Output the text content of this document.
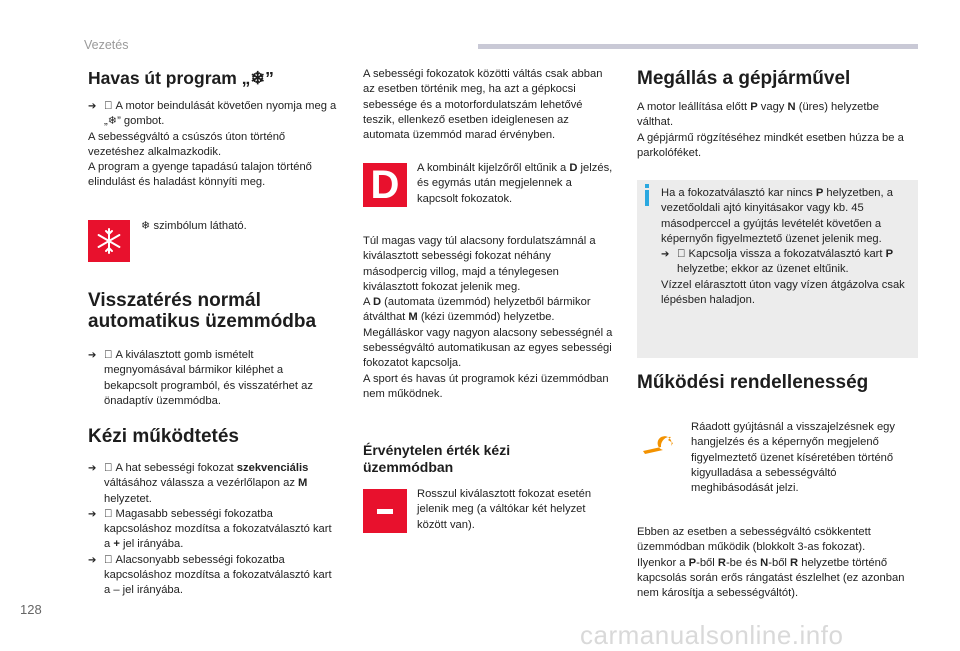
Vezetés
Havas út program „❄”

➔ A motor beindulását követően nyomja meg a „❄” gombot.

A sebességváltó a csúszós úton történő vezetéshez alkalmazkodik.

A program a gyenge tapadású talajon történő elindulást és haladást könnyíti meg.

❄ szimbólum látható.

Visszatérés normál automatikus üzemmódba

➔ A kiválasztott gomb ismételt megnyomásával bármikor kiléphet a bekapcsolt programból, és visszatérhet az önadaptív üzemmódba.
Kézi működtetés

➔ A hat sebességi fokozat szekvenciális váltásához válassza a vezérlőlapon az M helyzetet.

➔ Magasabb sebességi fokozatba kapcsoláshoz mozdítsa a fokozatválasztó kart a + jel irányába.

➔ Alacsonyabb sebességi fokozatba kapcsoláshoz mozdítsa a fokozatválasztó kart a – jel irányába.

A sebességi fokozatok közötti váltás csak abban az esetben történik meg, ha azt a gépkocsi sebessége és a motorfordulatszám lehetővé teszik, ellenkező esetben ideiglenesen az automata üzemmód marad érvényben.

D A kombinált kijelzőről eltűnik a D jelzés, és egymás után megjelennek a kapcsolt fokozatok.

Túl magas vagy túl alacsony fordulatszámnál a kiválasztott sebességi fokozat néhány másodpercig villog, majd a ténylegesen kiválasztott fokozat jelenik meg.

A D (automata üzemmód) helyzetből bármikor átválthat M (kézi üzemmód) helyzetbe.

Megálláskor vagy nagyon alacsony sebességnél a sebességváltó automatikusan az egyes sebességi fokozatot kapcsolja.

A sport és havas út programok kézi üzemmódban nem működnek.

Érvénytelen érték kézi üzemmódban

Rosszul kiválasztott fokozat esetén jelenik meg (a váltókar két helyzet között van).

Megállás a gépjárművel

A motor leállítása előtt P vagy N (üres) helyzetbe válthat.

A gépjármű rögzítéséhez mindkét esetben húzza be a parkolóféket.

Ha a fokozatválasztó kar nincs P helyzetben, a vezetőoldali ajtó kinyitásakor vagy kb. 45 másodperccel a gyújtás levételét követően a képernyőn figyelmeztető üzenet jelenik meg.

➔ Kapcsolja vissza a fokozatválasztó kart P helyzetbe; ekkor az üzenet eltűnik.

Vízzel elárasztott úton vagy vízen átgázolva csak lépésben haladjon.

Működési rendellenesség

Ráadott gyújtásnál a visszajelzésnek egy hangjelzés és a képernyőn megjelenő figyelmeztető üzenet kíséretében történő kigyulladása a sebességváltó meghibásodását jelzi.

Ebben az esetben a sebességváltó csökkentett üzemmódban működik (blokkolt 3-as fokozat).

Ilyenkor a P-ből R-be és N-ből R helyzetbe történő kapcsolás során erős rángatást észlelhet (ez azonban nem károsítja a sebességváltót).

128
carmanualsonline.info
